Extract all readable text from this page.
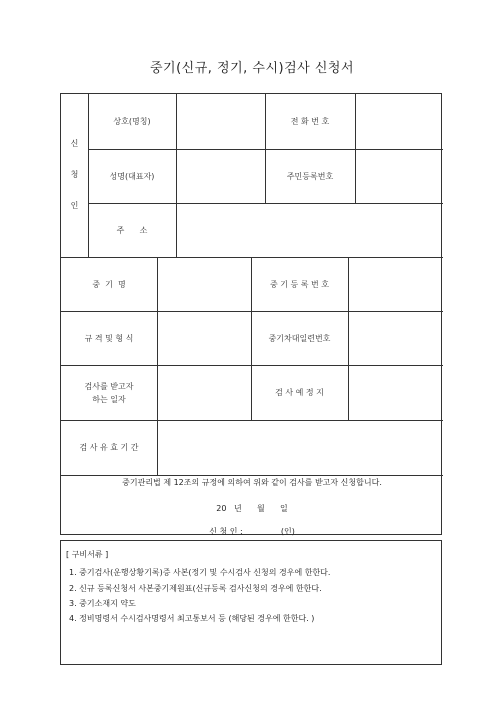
중기(신규, 정기, 수시)검사 신청서
신
청
인
상호(명칭)	전 화 번 호
성명(대표자)	주민등록번호
주      소
중  기  명	중 기 등 록 번 호
규 격 및 형 식	중기차대일련번호
검사를 받고자
하는 일자
검 사 예 정 지
검 사 유 효 기 간
중기관리법 제 12조의 규정에 의하여 위와 같이 검사를 받고자 신청합니다.
20   년      월      일
신 청 인 :               (인)
[ 구비서류 ]
1. 중기검사(운행상황기록)증 사본(정기 및 수시검사 신청의 경우에 한한다.
2. 신규 등록신청서 사본중기제원표(신규등록 검사신청의 경우에 한한다.
3. 중기소재지 약도
4. 정비명령서 수시검사명령서 최고통보서 등 (해당된 경우에 한한다. )
